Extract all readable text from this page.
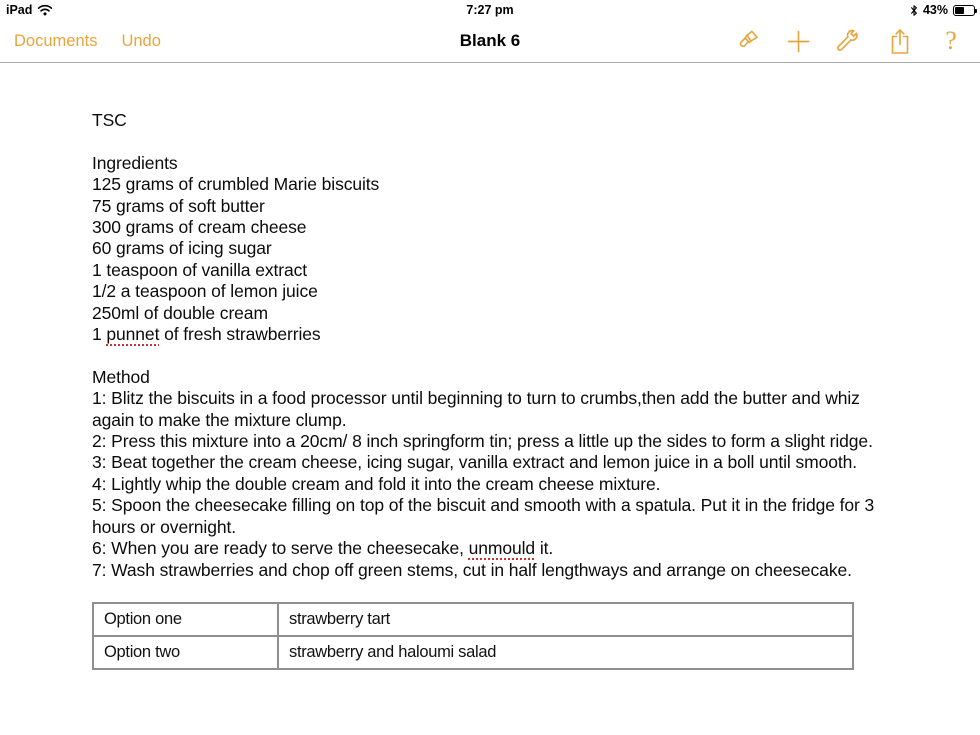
iPad	7:27 pm	43%
Documents Undo	Blank 6	?
TSC
Ingredients
125 grams of crumbled Marie biscuits
75 grams of soft butter
300 grams of cream cheese
60 grams of icing sugar
1 teaspoon of vanilla extract
1/2 a teaspoon of lemon juice
250ml of double cream
1 punnet of fresh strawberries
Method
1: Blitz the biscuits in a food processor until beginning to turn to crumbs,then add the butter and whiz again to make the mixture clump.
2: Press this mixture into a 20cm/ 8 inch springform tin; press a little up the sides to form a slight ridge.
3: Beat together the cream cheese, icing sugar, vanilla extract and lemon juice in a boll until smooth.
4: Lightly whip the double cream and fold it into the cream cheese mixture.
5: Spoon the cheesecake filling on top of the biscuit and smooth with a spatula. Put it in the fridge for 3 hours or overnight.
6: When you are ready to serve the cheesecake, unmould it.
7: Wash strawberries and chop off green stems, cut in half lengthways and arrange on cheesecake.
Option one	strawberry tart
Option two	strawberry and haloumi salad
